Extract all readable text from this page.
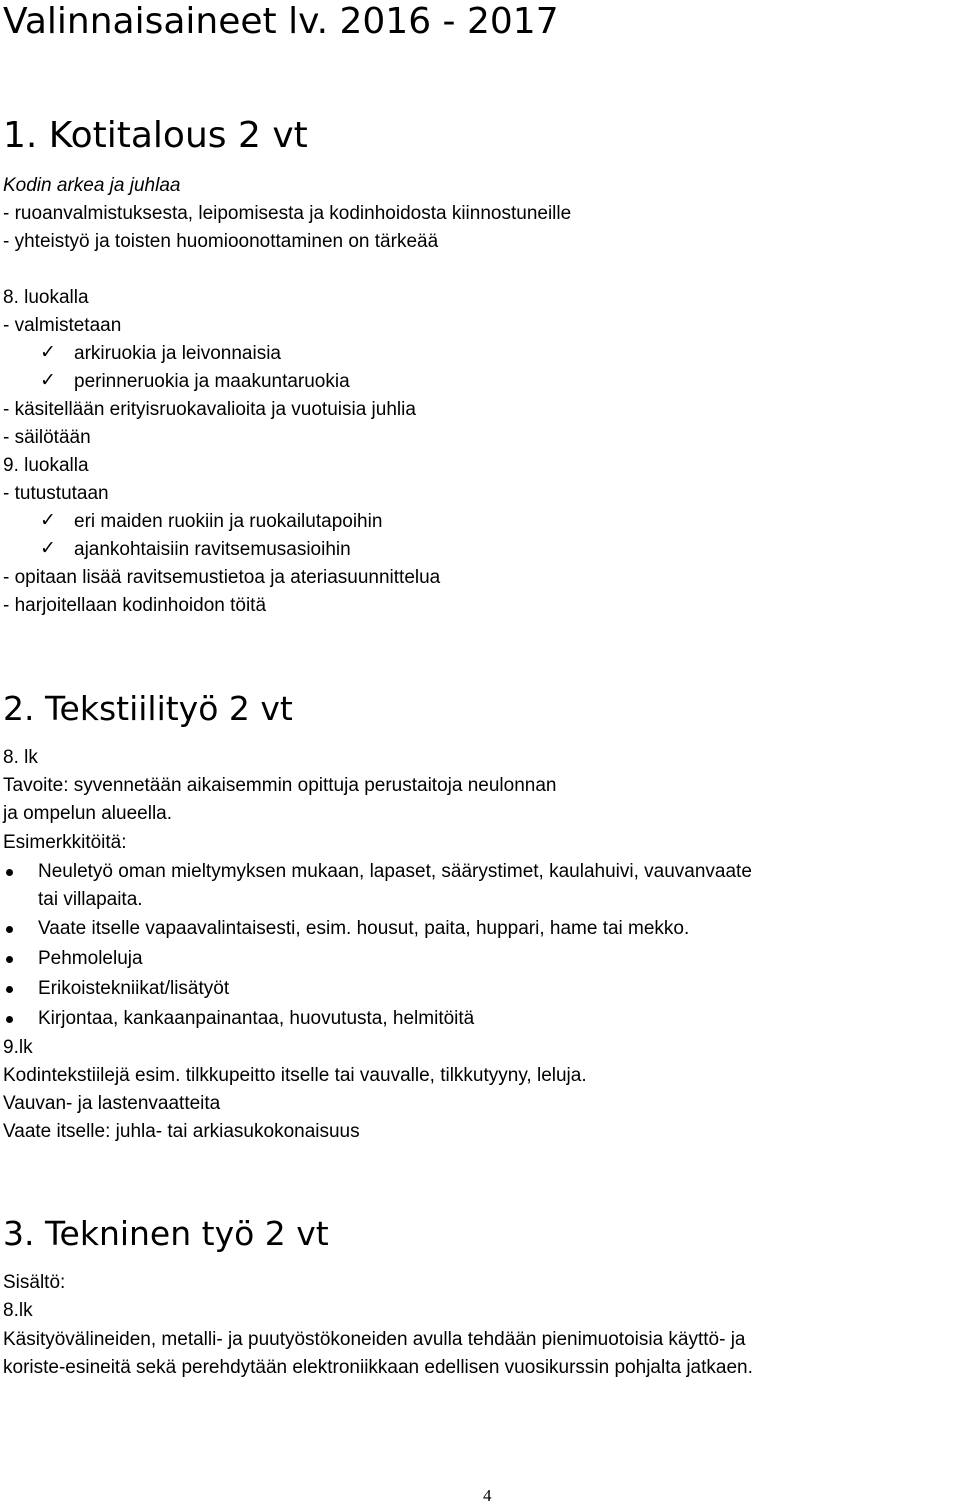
Valinnaisaineet lv. 2016 - 2017
1. Kotitalous 2 vt
Kodin arkea ja juhlaa
- ruoanvalmistuksesta, leipomisesta ja kodinhoidosta kiinnostuneille
- yhteistyö ja toisten huomioonottaminen on tärkeää
8. luokalla
- valmistetaan
✓ arkiruokia ja leivonnaisia
✓ perinneruokia ja maakuntaruokia
- käsitellään erityisruokavalioita ja vuotuisia juhlia
- säilötään
9. luokalla
- tutustutaan
✓ eri maiden ruokiin ja ruokailutapoihin
✓ ajankohtaisiin ravitsemusasioihin
- opitaan lisää ravitsemustietoa ja ateriasuunnittelua
- harjoitellaan kodinhoidon töitä
2. Tekstiilityö 2 vt
8. lk
Tavoite: syvennetään aikaisemmin opittuja perustaitoja neulonnan
ja ompelun alueella.
Esimerkkitöitä:
Neuletyö oman mieltymyksen mukaan, lapaset, säärystimet, kaulahuivi, vauvanvaate
tai villapaita.
Vaate itselle vapaavalintaisesti, esim. housut, paita, huppari, hame tai mekko.
Pehmoleluja
Erikoistekniikat/lisätyöt
Kirjontaa, kankaanpainantaa, huovutusta, helmitöitä
9.lk
Kodintekstiilejä esim. tilkkupeitto itselle tai vauvalle, tilkkutyyny, leluja.
Vauvan- ja lastenvaatteita
Vaate itselle: juhla- tai arkiasukokonaisuus
3. Tekninen työ 2 vt
Sisältö:
8.lk
Käsityövälineiden, metalli- ja puutyöstökoneiden avulla tehdään pienimuotoisia käyttö- ja
koriste-esineitä sekä perehdytään elektroniikkaan edellisen vuosikurssin pohjalta jatkaen.
4
